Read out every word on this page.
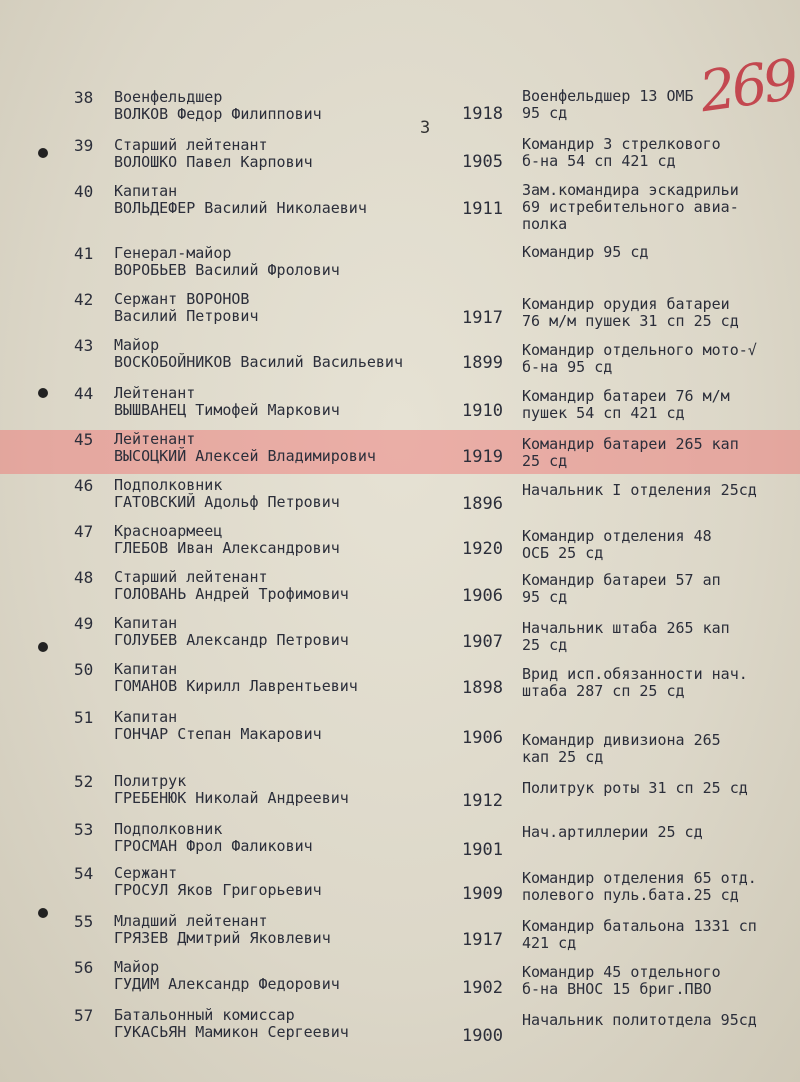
3
269
38 Военфельдшер
ВОЛКОВ Федор Филиппович	1918
Военфельдшер 13 ОМБ
95 сд
39 Старший лейтенант
ВОЛОШКО Павел Карпович	1905
Командир 3 стрелкового
б-на 54 сп 421 сд
40 Капитан
ВОЛЬДЕФЕР Василий Николаевич	1911
Зам.командира эскадрильи
69 истребительного авиа-
полка
41 Генерал-майор
ВОРОБЬЕВ Василий Фролович
Командир 95 сд
42 Сержант ВОРОНОВ
Василий Петрович	1917
Командир орудия батареи
76 м/м пушек 31 сп 25 сд
43 Майор
ВОСКОБОЙНИКОВ Василий Васильевич	1899
Командир отдельного мото-√
б-на 95 сд
44 Лейтенант
ВЫШВАНЕЦ Тимофей Маркович	1910
Командир батареи 76 м/м
пушек 54 сп 421 сд
45 Лейтенант
ВЫСОЦКИЙ Алексей Владимирович	1919
Командир батареи 265 кап
25 сд
46 Подполковник
ГАТОВСКИЙ Адольф Петрович	1896
Начальник I отделения 25сд
47 Красноармеец
ГЛЕБОВ Иван Александрович	1920
Командир отделения 48
ОСБ 25 сд
48 Старший лейтенант
ГОЛОВАНЬ Андрей Трофимович	1906
Командир батареи 57 ап
95 сд
49 Капитан
ГОЛУБЕВ Александр Петрович	1907
Начальник штаба 265 кап
25 сд
50 Капитан
ГОМАНОВ Кирилл Лаврентьевич	1898
Врид исп.обязанности нач.
штаба 287 сп 25 сд
51 Капитан
ГОНЧАР Степан Макарович	1906 Командир дивизиона 265
кап 25 сд
52 Политрук
ГРЕБЕНЮК Николай Андреевич	1912
Политрук роты 31 сп 25 сд
53 Подполковник
ГРОСМАН Фрол Фаликович	1901
Нач.артиллерии 25 сд
54 Сержант
ГРОСУЛ Яков Григорьевич	1909
Командир отделения 65 отд.
полевого пуль.бата.25 сд
55 Младший лейтенант
ГРЯЗЕВ Дмитрий Яковлевич	1917
Командир батальона 1331 сп
421 сд
56 Майор
ГУДИМ Александр Федорович	1902
Командир 45 отдельного
б-на ВНОС 15 бриг.ПВО
57 Батальонный комиссар
ГУКАСЬЯН Мамикон Сергеевич	1900
Начальник политотдела 95сд
